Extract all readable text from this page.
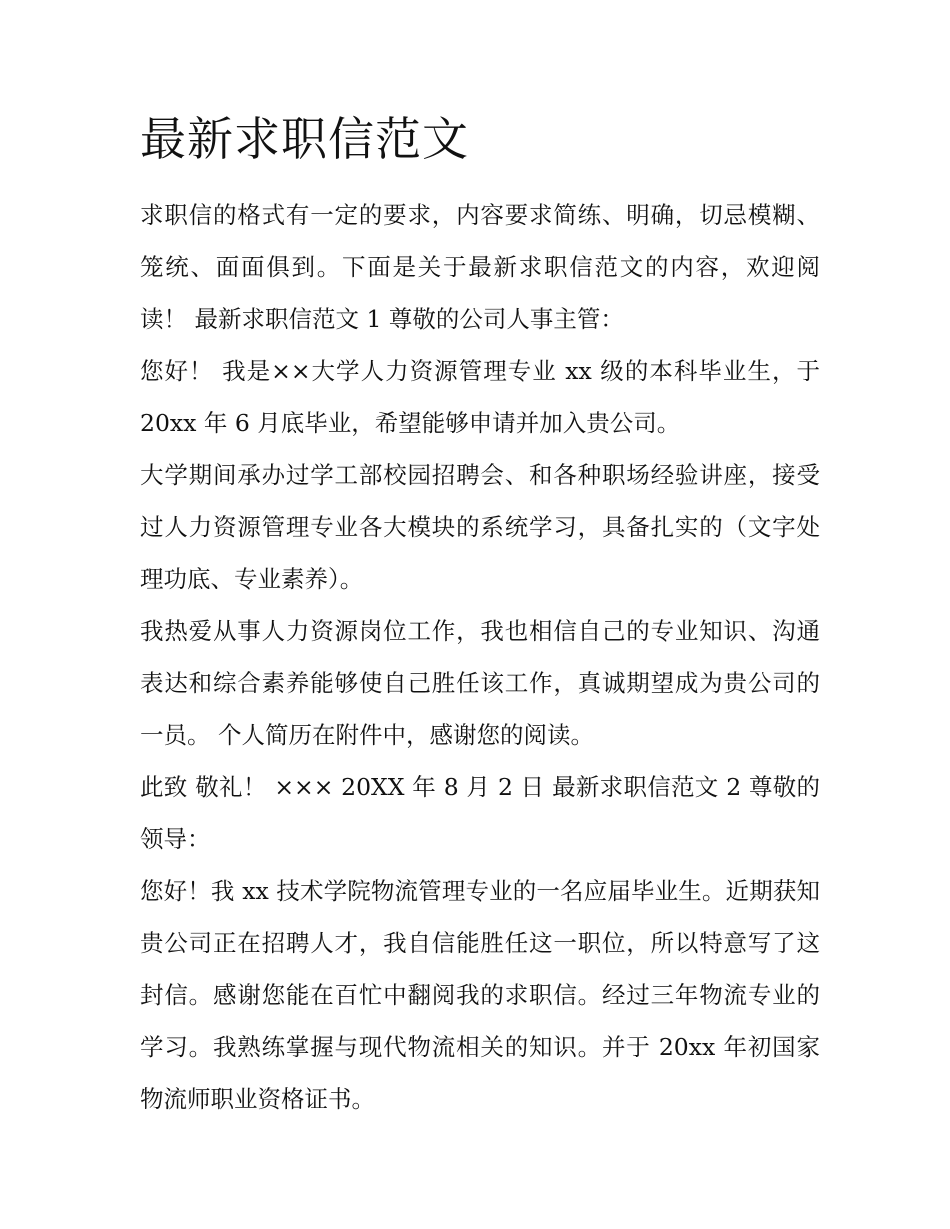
最新求职信范文

求职信的格式有一定的要求，内容要求简练、明确，切忌模糊、笼统、面面俱到。下面是关于最新求职信范文的内容，欢迎阅读！ 最新求职信范文 1 尊敬的公司人事主管：

您好！ 我是××大学人力资源管理专业 xx 级的本科毕业生，于 20xx 年 6 月底毕业，希望能够申请并加入贵公司。

大学期间承办过学工部校园招聘会、和各种职场经验讲座，接受过人力资源管理专业各大模块的系统学习，具备扎实的（文字处理功底、专业素养）。

我热爱从事人力资源岗位工作，我也相信自己的专业知识、沟通表达和综合素养能够使自己胜任该工作，真诚期望成为贵公司的一员。 个人简历在附件中，感谢您的阅读。

此致 敬礼！ ××× 20XX 年 8 月 2 日 最新求职信范文 2 尊敬的领导：

您好！我 xx 技术学院物流管理专业的一名应届毕业生。近期获知贵公司正在招聘人才，我自信能胜任这一职位，所以特意写了这封信。感谢您能在百忙中翻阅我的求职信。经过三年物流专业的学习。我熟练掌握与现代物流相关的知识。并于 20xx 年初国家物流师职业资格证书。
